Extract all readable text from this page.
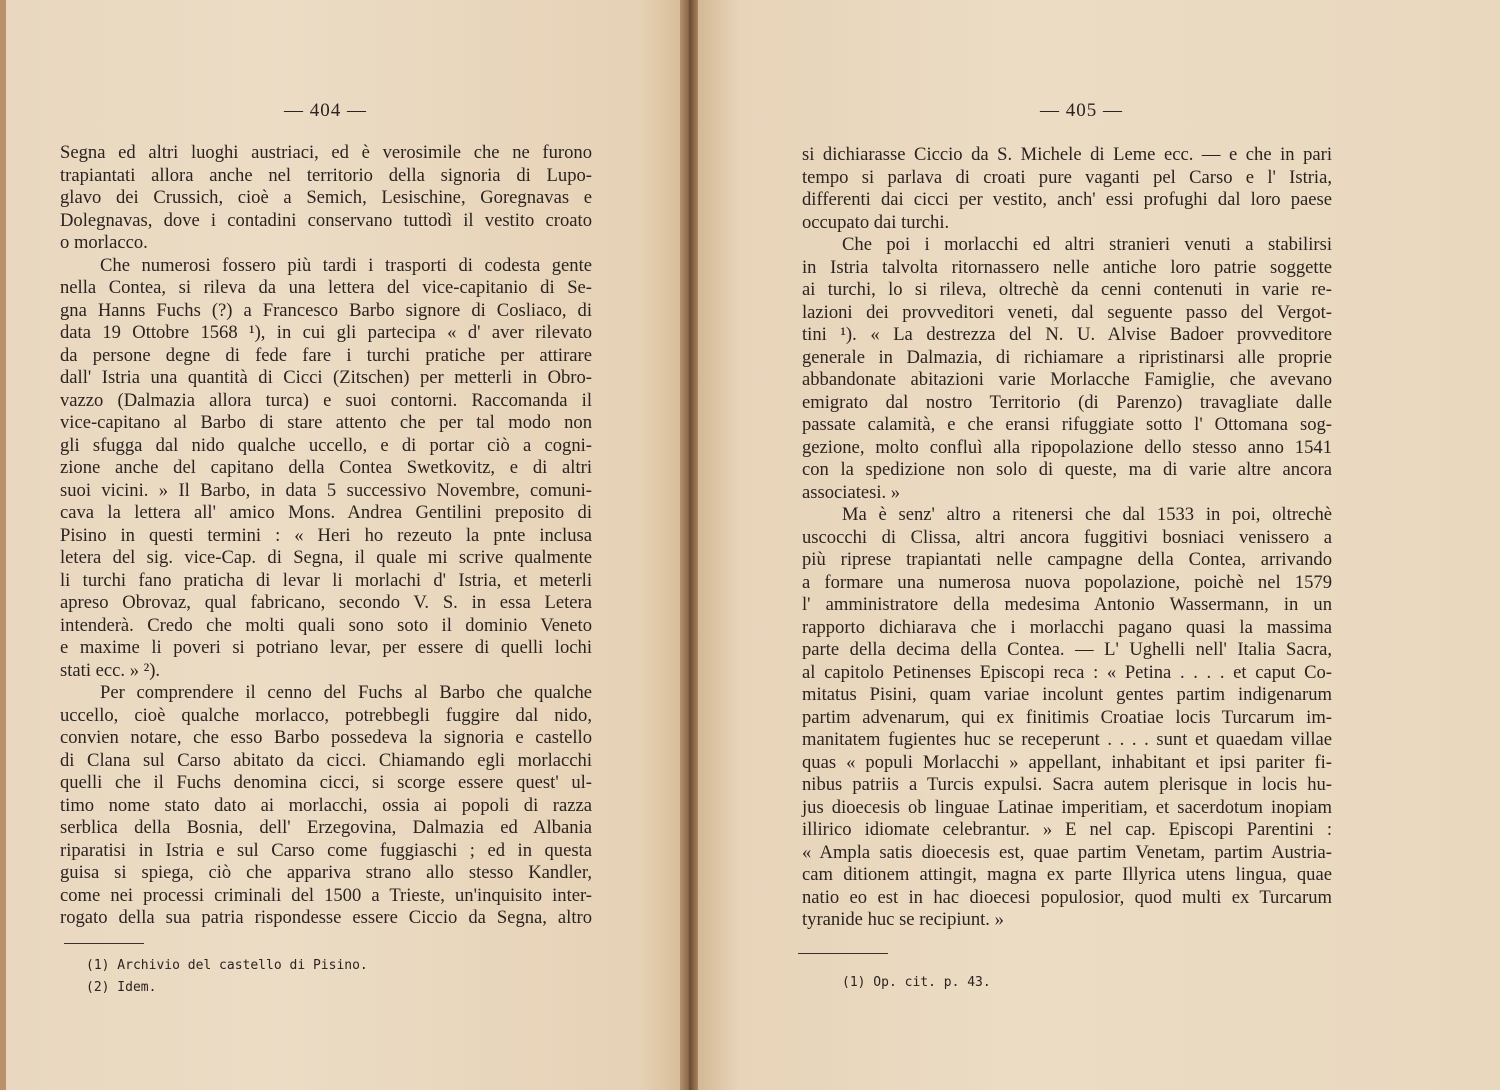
— 404 —
Segna ed altri luoghi austriaci, ed è verosimile che ne furono
trapiantati allora anche nel territorio della signoria di Lupo-
glavo dei Crussich, cioè a Semich, Lesischine, Goregnavas e
Dolegnavas, dove i contadini conservano tuttodì il vestito croato
o morlacco.
Che numerosi fossero più tardi i trasporti di codesta gente
nella Contea, si rileva da una lettera del vice-capitanio di Se-
gna Hanns Fuchs (?) a Francesco Barbo signore di Cosliaco, di
data 19 Ottobre 1568 ¹), in cui gli partecipa « d' aver rilevato
da persone degne di fede fare i turchi pratiche per attirare
dall' Istria una quantità di Cicci (Zitschen) per metterli in Obro-
vazzo (Dalmazia allora turca) e suoi contorni. Raccomanda il
vice-capitano al Barbo di stare attento che per tal modo non
gli sfugga dal nido qualche uccello, e di portar ciò a cogni-
zione anche del capitano della Contea Swetkovitz, e di altri
suoi vicini. » Il Barbo, in data 5 successivo Novembre, comuni-
cava la lettera all' amico Mons. Andrea Gentilini preposito di
Pisino in questi termini : « Heri ho rezeuto la pnte inclusa
letera del sig. vice-Cap. di Segna, il quale mi scrive qualmente
li turchi fano praticha di levar li morlachi d' Istria, et meterli
apreso Obrovaz, qual fabricano, secondo V. S. in essa Letera
intenderà. Credo che molti quali sono soto il dominio Veneto
e maxime li poveri si potriano levar, per essere di quelli lochi
stati ecc. » ²).
Per comprendere il cenno del Fuchs al Barbo che qualche
uccello, cioè qualche morlacco, potrebbegli fuggire dal nido,
convien notare, che esso Barbo possedeva la signoria e castello
di Clana sul Carso abitato da cicci. Chiamando egli morlacchi
quelli che il Fuchs denomina cicci, si scorge essere quest' ul-
timo nome stato dato ai morlacchi, ossia ai popoli di razza
serblica della Bosnia, dell' Erzegovina, Dalmazia ed Albania
riparatisi in Istria e sul Carso come fuggiaschi ; ed in questa
guisa si spiega, ciò che appariva strano allo stesso Kandler,
come nei processi criminali del 1500 a Trieste, un'inquisito inter-
rogato della sua patria rispondesse essere Ciccio da Segna, altro
(1) Archivio del castello di Pisino.
(2) Idem.
— 405 —
si dichiarasse Ciccio da S. Michele di Leme ecc. — e che in pari
tempo si parlava di croati pure vaganti pel Carso e l' Istria,
differenti dai cicci per vestito, anch' essi profughi dal loro paese
occupato dai turchi.
Che poi i morlacchi ed altri stranieri venuti a stabilirsi
in Istria talvolta ritornassero nelle antiche loro patrie soggette
ai turchi, lo si rileva, oltrechè da cenni contenuti in varie re-
lazioni dei provveditori veneti, dal seguente passo del Vergot-
tini ¹). « La destrezza del N. U. Alvise Badoer provveditore
generale in Dalmazia, di richiamare a ripristinarsi alle proprie
abbandonate abitazioni varie Morlacche Famiglie, che avevano
emigrato dal nostro Territorio (di Parenzo) travagliate dalle
passate calamità, e che eransi rifuggiate sotto l' Ottomana sog-
gezione, molto confluì alla ripopolazione dello stesso anno 1541
con la spedizione non solo di queste, ma di varie altre ancora
associatesi. »
Ma è senz' altro a ritenersi che dal 1533 in poi, oltrechè
uscocchi di Clissa, altri ancora fuggitivi bosniaci venissero a
più riprese trapiantati nelle campagne della Contea, arrivando
a formare una numerosa nuova popolazione, poichè nel 1579
l' amministratore della medesima Antonio Wassermann, in un
rapporto dichiarava che i morlacchi pagano quasi la massima
parte della decima della Contea. — L' Ughelli nell' Italia Sacra,
al capitolo Petinenses Episcopi reca : « Petina . . . . et caput Co-
mitatus Pisini, quam variae incolunt gentes partim indigenarum
partim advenarum, qui ex finitimis Croatiae locis Turcarum im-
manitatem fugientes huc se receperunt . . . . sunt et quaedam villae
quas « populi Morlacchi » appellant, inhabitant et ipsi pariter fi-
nibus patriis a Turcis expulsi. Sacra autem plerisque in locis hu-
jus dioecesis ob linguae Latinae imperitiam, et sacerdotum inopiam
illirico idiomate celebrantur. » E nel cap. Episcopi Parentini :
« Ampla satis dioecesis est, quae partim Venetam, partim Austria-
cam ditionem attingit, magna ex parte Illyrica utens lingua, quae
natio eo est in hac dioecesi populosior, quod multi ex Turcarum
tyranide huc se recipiunt. »
(1) Op. cit. p. 43.
